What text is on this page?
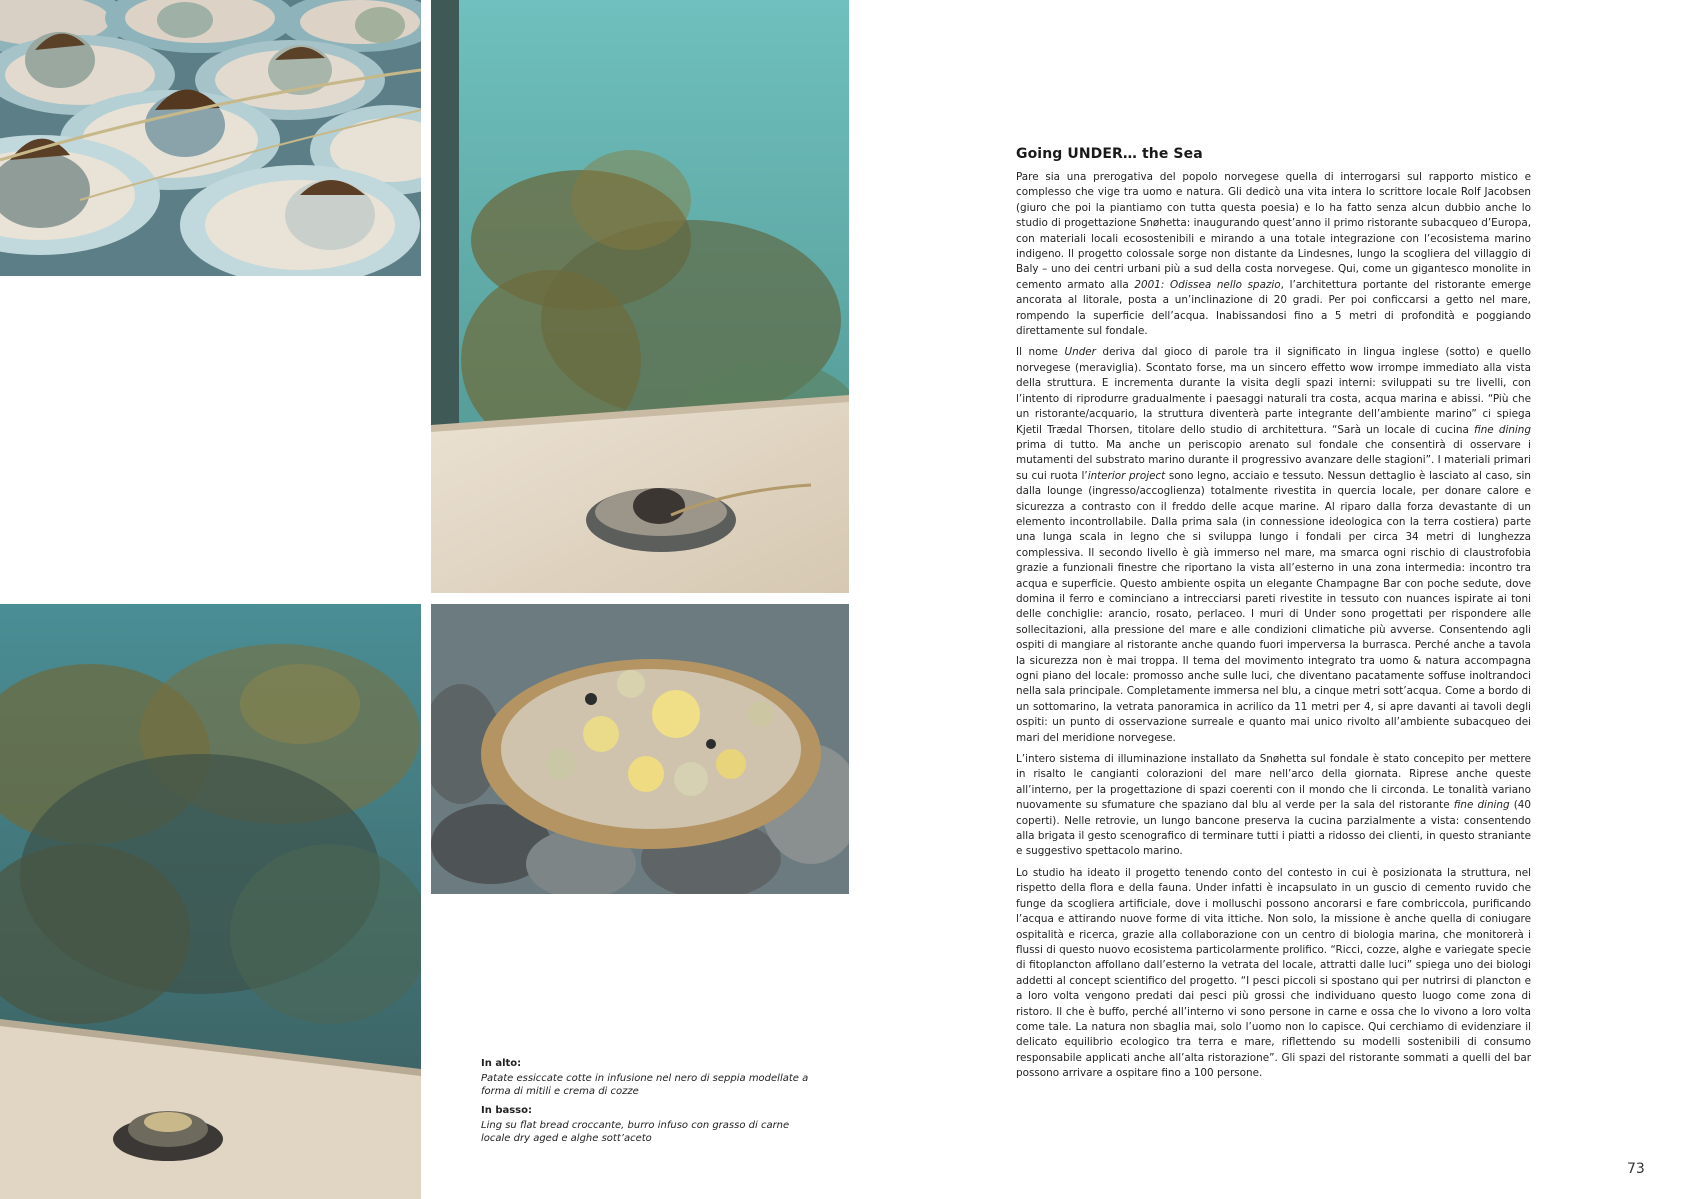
In alto:

Patate essiccate cotte in infusione nel nero di seppia modellate a forma di mitili e crema di cozze

In basso:

Ling su flat bread croccante, burro infuso con grasso di carne locale dry aged e alghe sott’aceto

Going UNDER… the Sea

Pare sia una prerogativa del popolo norvegese quella di interrogarsi sul rapporto mistico e complesso che vige tra uomo e natura. Gli dedicò una vita intera lo scrittore locale Rolf Jacobsen (giuro che poi la piantiamo con tutta questa poesia) e lo ha fatto senza alcun dubbio anche lo studio di progettazione Snøhetta: inaugurando quest’anno il primo ristorante subacqueo d’Europa, con materiali locali ecosostenibili e mirando a una totale integrazione con l’ecosistema marino indigeno. Il progetto colossale sorge non distante da Lindesnes, lungo la scogliera del villaggio di Baly – uno dei centri urbani più a sud della costa norvegese. Qui, come un gigantesco monolite in cemento armato alla 2001: Odissea nello spazio, l’architettura portante del ristorante emerge ancorata al litorale, posta a un’inclinazione di 20 gradi. Per poi conficcarsi a getto nel mare, rompendo la superficie dell’acqua. Inabissandosi fino a 5 metri di profondità e poggiando direttamente sul fondale.

Il nome Under deriva dal gioco di parole tra il significato in lingua inglese (sotto) e quello norvegese (meraviglia). Scontato forse, ma un sincero effetto wow irrompe immediato alla vista della struttura. E incrementa durante la visita degli spazi interni: sviluppati su tre livelli, con l’intento di riprodurre gradualmente i paesaggi naturali tra costa, acqua marina e abissi. “Più che un ristorante/acquario, la struttura diventerà parte integrante dell’ambiente marino” ci spiega Kjetil Trædal Thorsen, titolare dello studio di architettura. “Sarà un locale di cucina fine dining prima di tutto. Ma anche un periscopio arenato sul fondale che consentirà di osservare i mutamenti del substrato marino durante il progressivo avanzare delle stagioni”. I materiali primari su cui ruota l’interior project sono legno, acciaio e tessuto. Nessun dettaglio è lasciato al caso, sin dalla lounge (ingresso/accoglienza) totalmente rivestita in quercia locale, per donare calore e sicurezza a contrasto con il freddo delle acque marine. Al riparo dalla forza devastante di un elemento incontrollabile. Dalla prima sala (in connessione ideologica con la terra costiera) parte una lunga scala in legno che si sviluppa lungo i fondali per circa 34 metri di lunghezza complessiva. Il secondo livello è già immerso nel mare, ma smarca ogni rischio di claustrofobia grazie a funzionali finestre che riportano la vista all’esterno in una zona intermedia: incontro tra acqua e superficie. Questo ambiente ospita un elegante Champagne Bar con poche sedute, dove domina il ferro e cominciano a intrecciarsi pareti rivestite in tessuto con nuances ispirate ai toni delle conchiglie: arancio, rosato, perlaceo. I muri di Under sono progettati per rispondere alle sollecitazioni, alla pressione del mare e alle condizioni climatiche più avverse. Consentendo agli ospiti di mangiare al ristorante anche quando fuori imperversa la burrasca. Perché anche a tavola la sicurezza non è mai troppa. Il tema del movimento integrato tra uomo & natura accompagna ogni piano del locale: promosso anche sulle luci, che diventano pacatamente soffuse inoltrandoci nella sala principale. Completamente immersa nel blu, a cinque metri sott’acqua. Come a bordo di un sottomarino, la vetrata panoramica in acrilico da 11 metri per 4, si apre davanti ai tavoli degli ospiti: un punto di osservazione surreale e quanto mai unico rivolto all’ambiente subacqueo dei mari del meridione norvegese.

L’intero sistema di illuminazione installato da Snøhetta sul fondale è stato concepito per mettere in risalto le cangianti colorazioni del mare nell’arco della giornata. Riprese anche queste all’interno, per la progettazione di spazi coerenti con il mondo che li circonda. Le tonalità variano nuovamente su sfumature che spaziano dal blu al verde per la sala del ristorante fine dining (40 coperti). Nelle retrovie, un lungo bancone preserva la cucina parzialmente a vista: consentendo alla brigata il gesto scenografico di terminare tutti i piatti a ridosso dei clienti, in questo straniante e suggestivo spettacolo marino.

Lo studio ha ideato il progetto tenendo conto del contesto in cui è posizionata la struttura, nel rispetto della flora e della fauna. Under infatti è incapsulato in un guscio di cemento ruvido che funge da scogliera artificiale, dove i molluschi possono ancorarsi e fare combriccola, purificando l’acqua e attirando nuove forme di vita ittiche. Non solo, la missione è anche quella di coniugare ospitalità e ricerca, grazie alla collaborazione con un centro di biologia marina, che monitorerà i flussi di questo nuovo ecosistema particolarmente prolifico. “Ricci, cozze, alghe e variegate specie di fitoplancton affollano dall’esterno la vetrata del locale, attratti dalle luci” spiega uno dei biologi addetti al concept scientifico del progetto. “I pesci piccoli si spostano qui per nutrirsi di plancton e a loro volta vengono predati dai pesci più grossi che individuano questo luogo come zona di ristoro. Il che è buffo, perché all’interno vi sono persone in carne e ossa che lo vivono a loro volta come tale. La natura non sbaglia mai, solo l’uomo non lo capisce. Qui cerchiamo di evidenziare il delicato equilibrio ecologico tra terra e mare, riflettendo su modelli sostenibili di consumo responsabile applicati anche all’alta ristorazione”. Gli spazi del ristorante sommati a quelli del bar possono arrivare a ospitare fino a 100 persone.

73
